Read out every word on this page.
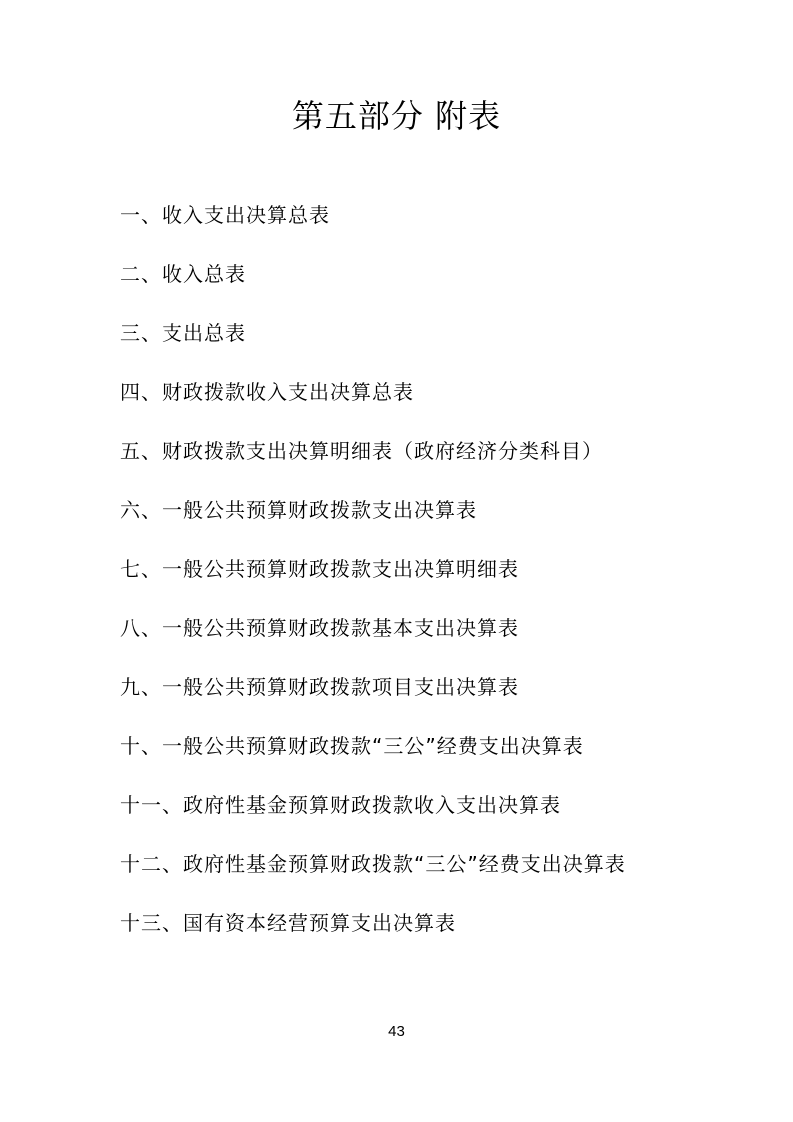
第五部分 附表
一、收入支出决算总表
二、收入总表
三、支出总表
四、财政拨款收入支出决算总表
五、财政拨款支出决算明细表（政府经济分类科目）
六、一般公共预算财政拨款支出决算表
七、一般公共预算财政拨款支出决算明细表
八、一般公共预算财政拨款基本支出决算表
九、一般公共预算财政拨款项目支出决算表
十、一般公共预算财政拨款“三公”经费支出决算表
十一、政府性基金预算财政拨款收入支出决算表
十二、政府性基金预算财政拨款“三公”经费支出决算表
十三、国有资本经营预算支出决算表
43
